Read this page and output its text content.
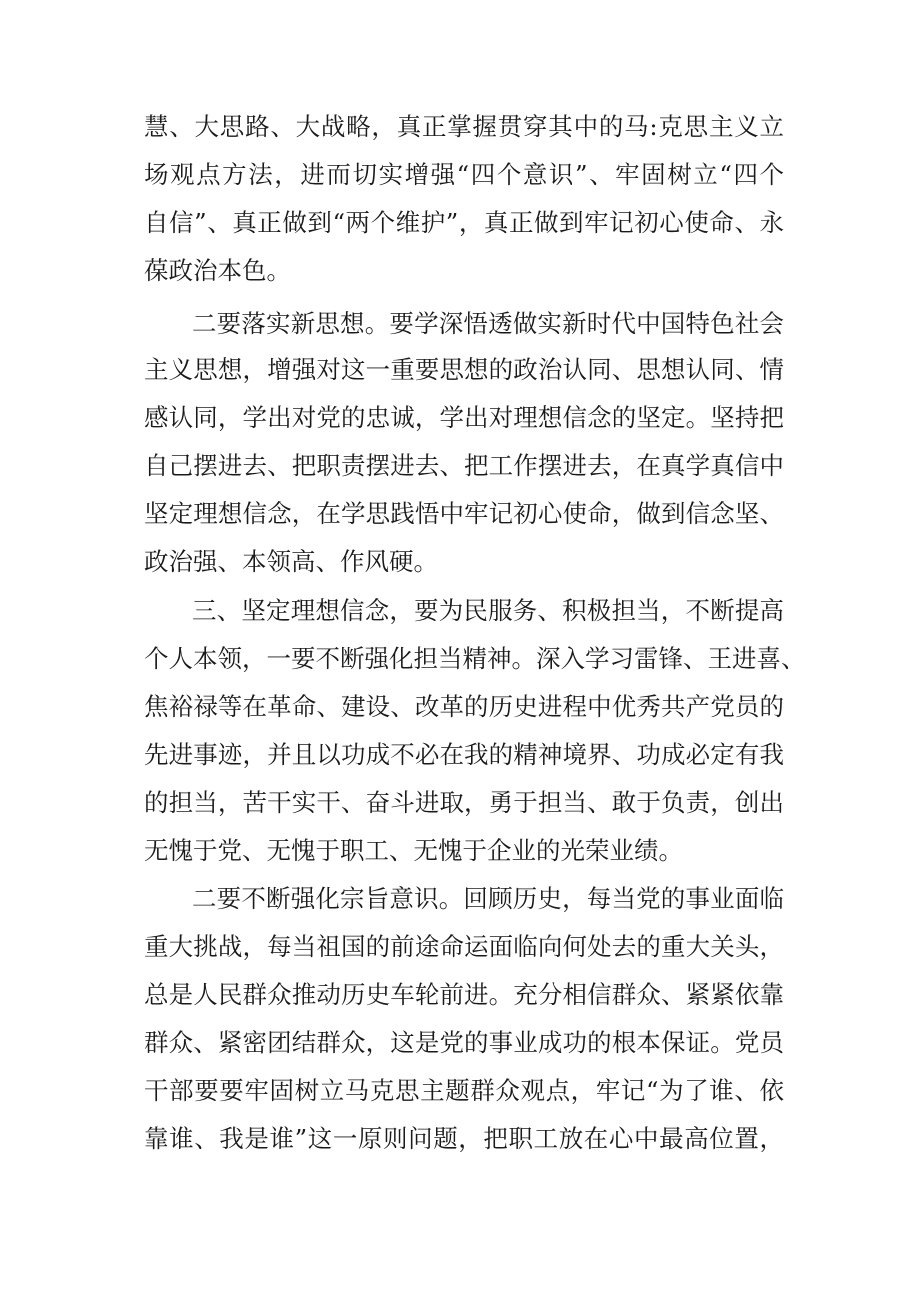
慧、大思路、大战略，真正掌握贯穿其中的马:克思主义立
场观点方法，进而切实增强“四个意识”、牢固树立“四个
自信”、真正做到“两个维护”，真正做到牢记初心使命、永
葆政治本色。
二要落实新思想。要学深悟透做实新时代中国特色社会
主义思想，增强对这一重要思想的政治认同、思想认同、情
感认同，学出对党的忠诚，学出对理想信念的坚定。坚持把
自己摆进去、把职责摆进去、把工作摆进去，在真学真信中
坚定理想信念，在学思践悟中牢记初心使命，做到信念坚、
政治强、本领高、作风硬。
三、坚定理想信念，要为民服务、积极担当，不断提高
个人本领，一要不断强化担当精神。深入学习雷锋、王进喜、
焦裕禄等在革命、建设、改革的历史进程中优秀共产党员的
先进事迹，并且以功成不必在我的精神境界、功成必定有我
的担当，苦干实干、奋斗进取，勇于担当、敢于负责，创出
无愧于党、无愧于职工、无愧于企业的光荣业绩。
二要不断强化宗旨意识。回顾历史，每当党的事业面临
重大挑战，每当祖国的前途命运面临向何处去的重大关头，
总是人民群众推动历史车轮前进。充分相信群众、紧紧依靠
群众、紧密团结群众，这是党的事业成功的根本保证。党员
干部要要牢固树立马克思主题群众观点，牢记“为了谁、依
靠谁、我是谁”这一原则问题，把职工放在心中最高位置，
